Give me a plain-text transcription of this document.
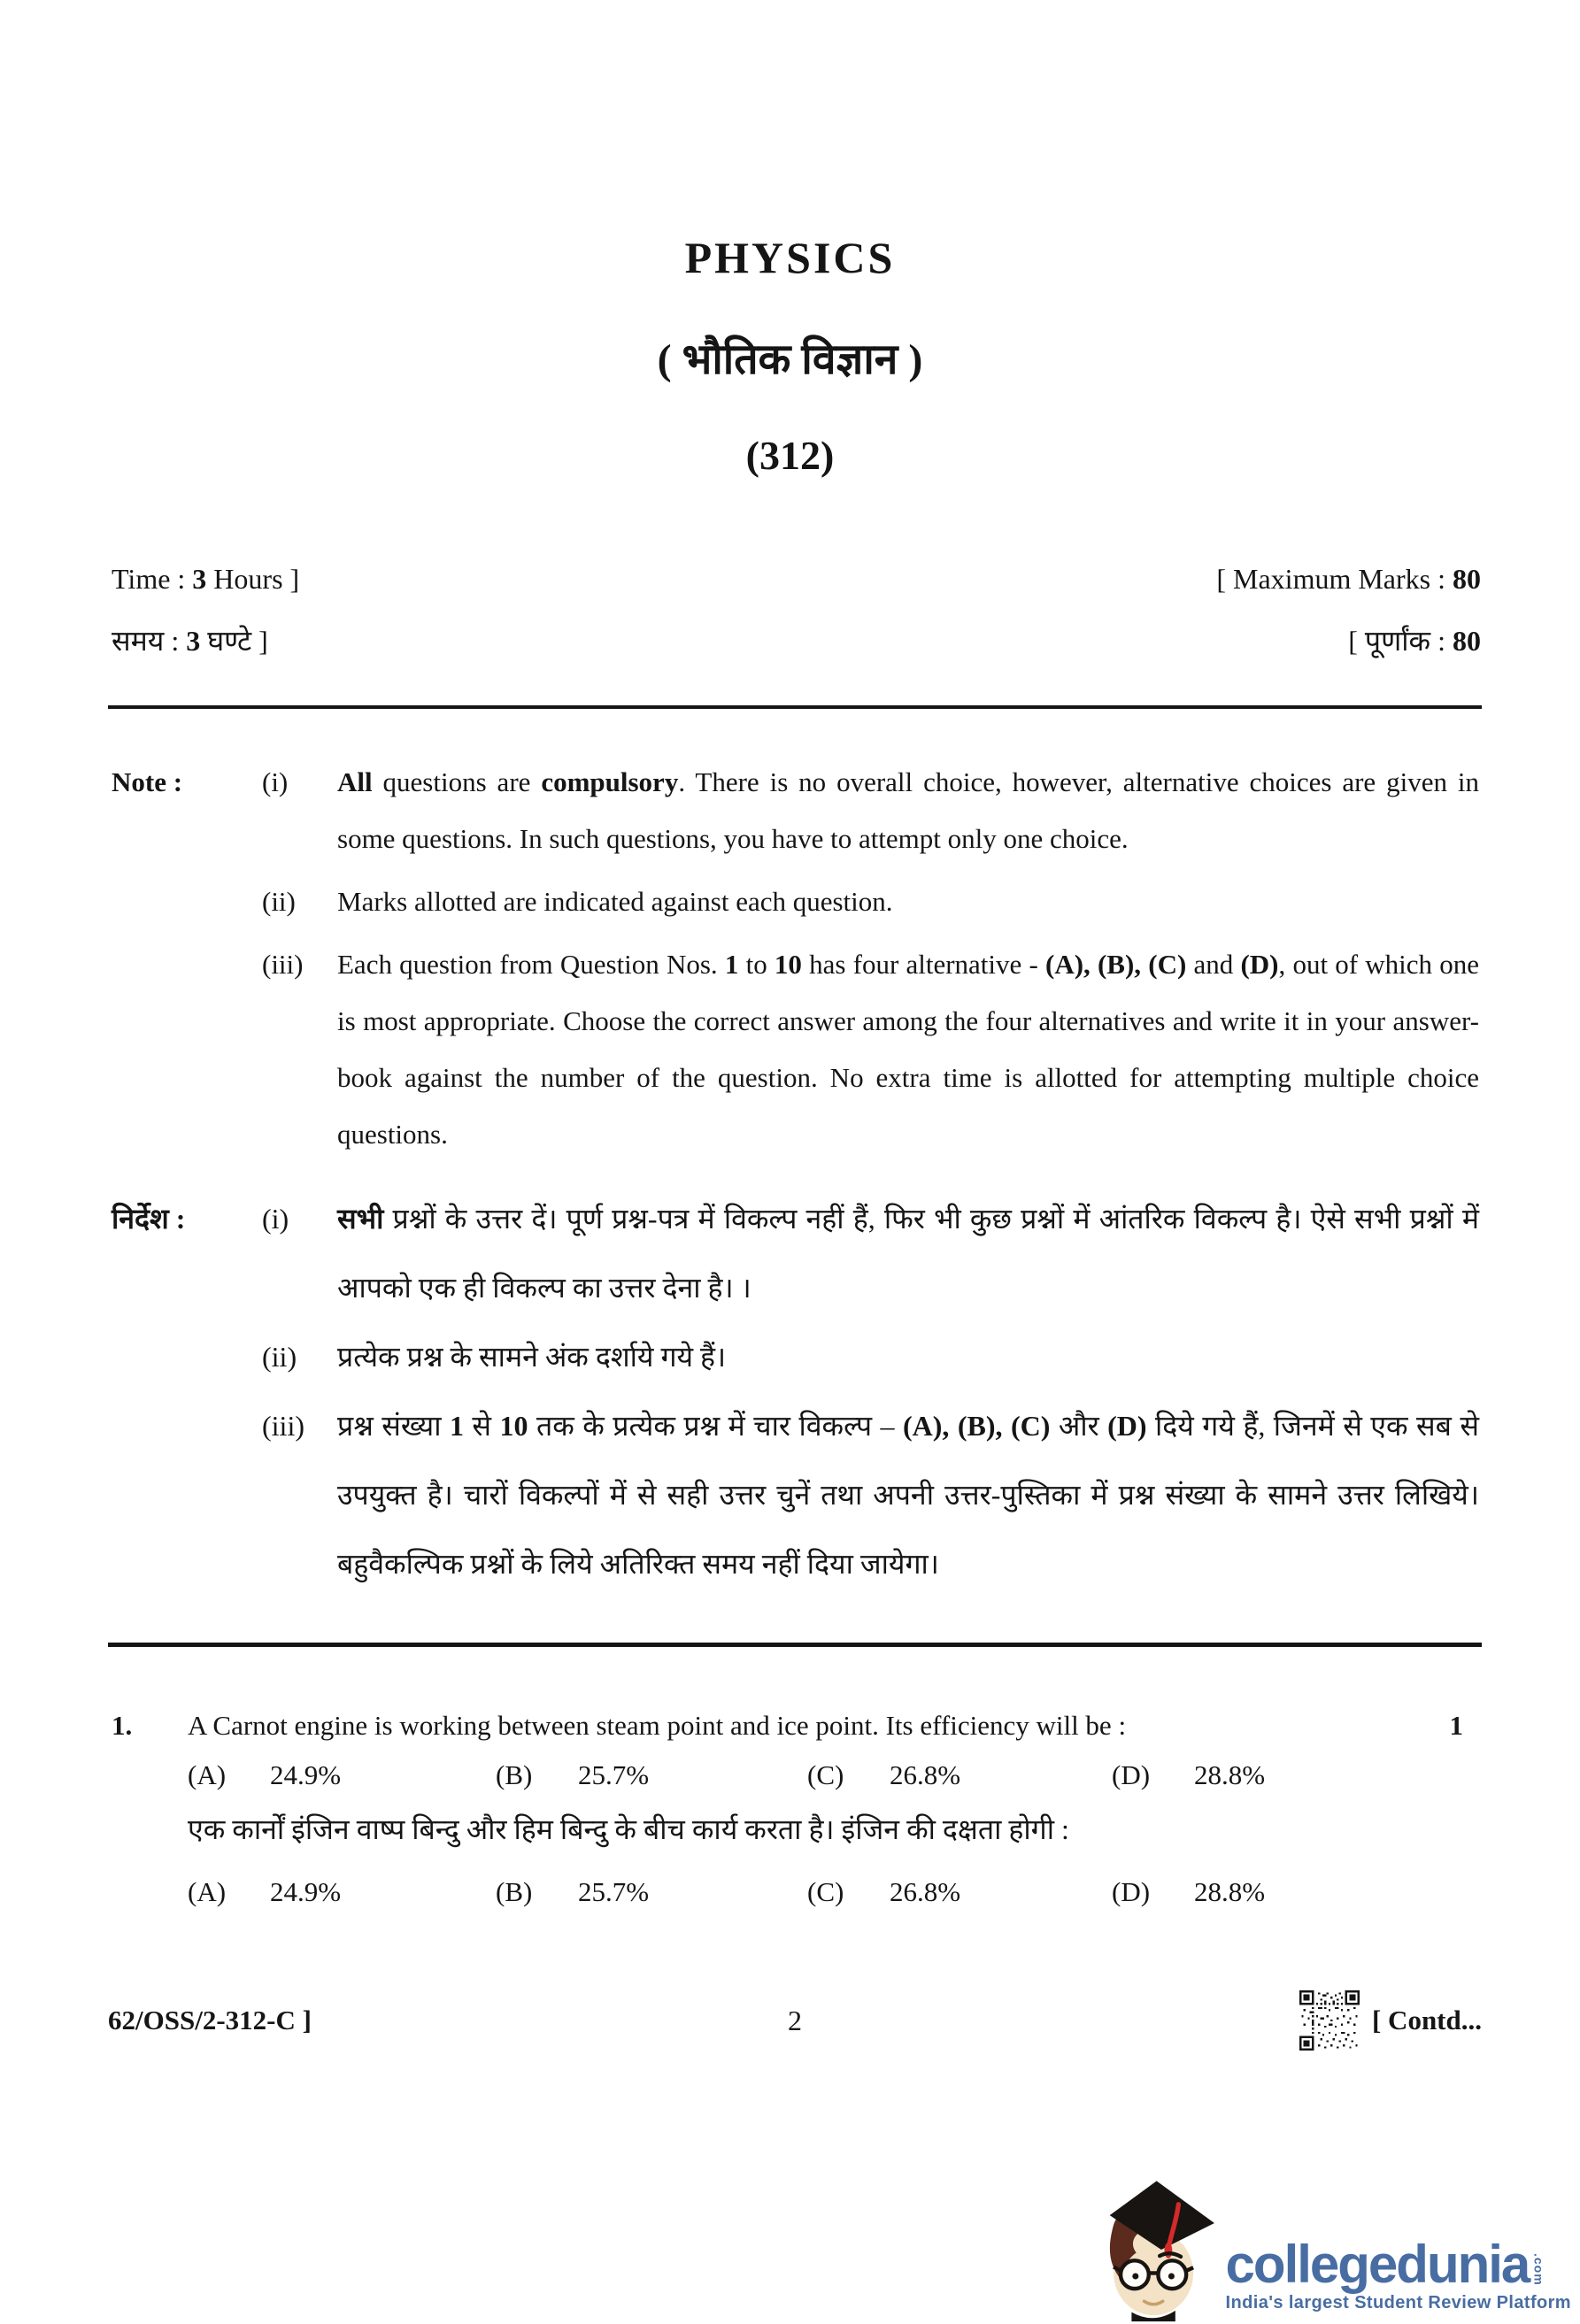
PHYSICS
( भौतिक विज्ञान )
(312)
Time : 3 Hours ]	[ Maximum Marks : 80
समय : 3 घण्टे ]	[ पूर्णांक : 80
Note :	(i)	All questions are compulsory. There is no overall choice, however, alternative choices are given in some questions. In such questions, you have to attempt only one choice.
(ii)	Marks allotted are indicated against each question.
(iii)	Each question from Question Nos. 1 to 10 has four alternative - (A), (B), (C) and (D), out of which one is most appropriate. Choose the correct answer among the four alternatives and write it in your answer-book against the number of the question. No extra time is allotted for attempting multiple choice questions.
निर्देश :	(i)	सभी प्रश्नों के उत्तर दें। पूर्ण प्रश्न-पत्र में विकल्प नहीं हैं, फिर भी कुछ प्रश्नों में आंतरिक विकल्प है। ऐसे सभी प्रश्नों में आपको एक ही विकल्प का उत्तर देना है। ।
(ii)	प्रत्येक प्रश्न के सामने अंक दर्शाये गये हैं।
(iii)	प्रश्न संख्या 1 से 10 तक के प्रत्येक प्रश्न में चार विकल्प – (A), (B), (C) और (D) दिये गये हैं, जिनमें से एक सब से उपयुक्त है। चारों विकल्पों में से सही उत्तर चुनें तथा अपनी उत्तर-पुस्तिका में प्रश्न संख्या के सामने उत्तर लिखिये। बहुवैकल्पिक प्रश्नों के लिये अतिरिक्त समय नहीं दिया जायेगा।
1.	A Carnot engine is working between steam point and ice point. Its efficiency will be :	1
(A) 24.9%	(B) 25.7%	(C) 26.8%	(D) 28.8%
एक कार्नों इंजिन वाष्प बिन्दु और हिम बिन्दु के बीच कार्य करता है। इंजिन की दक्षता होगी :
(A) 24.9%	(B) 25.7%	(C) 26.8%	(D) 28.8%
62/OSS/2-312-C ]	2	[ Contd...
collegedunia .com
India's largest Student Review Platform
